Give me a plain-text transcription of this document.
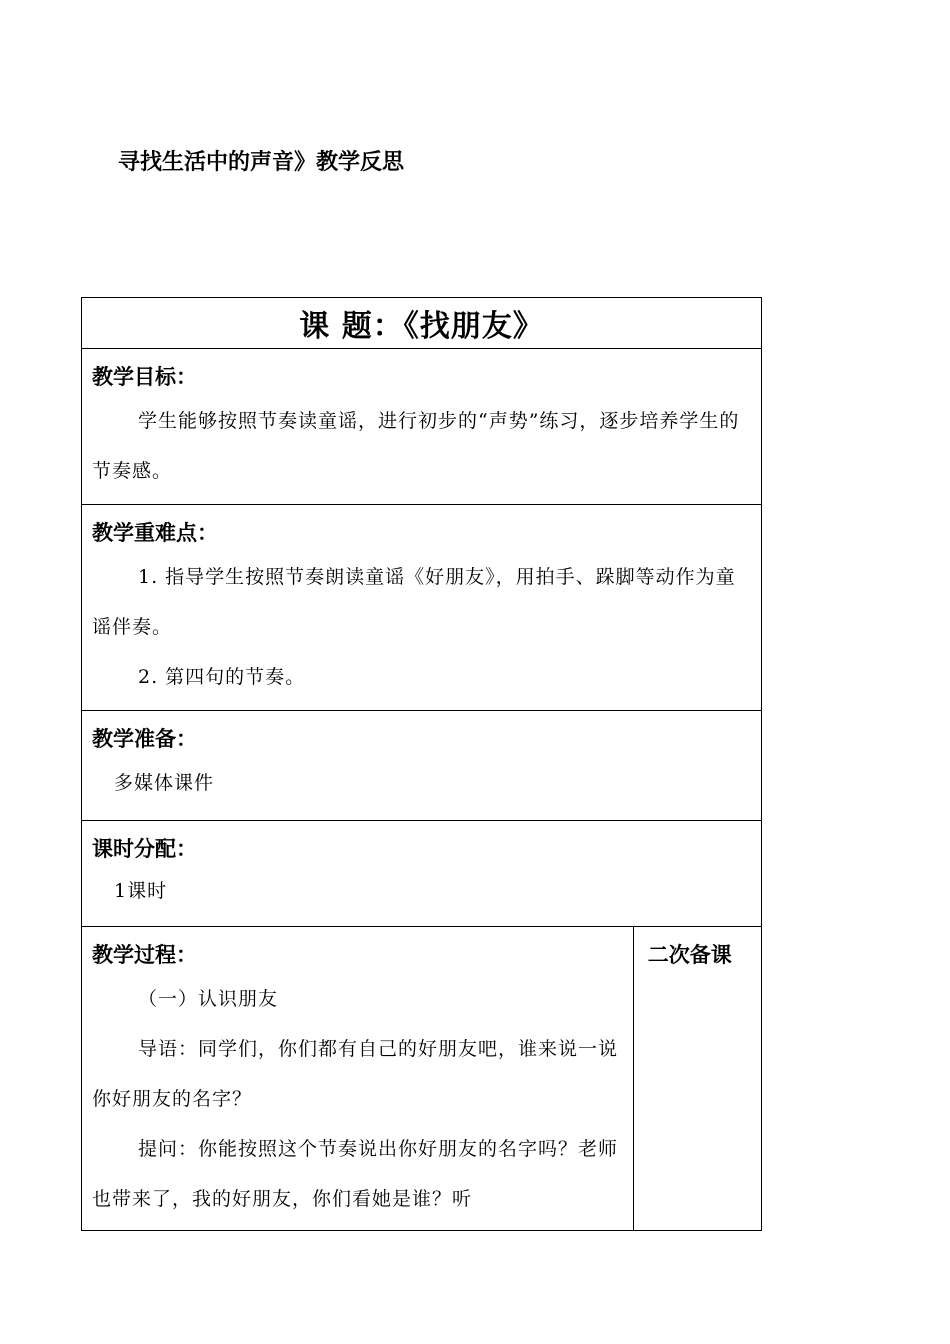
寻找生活中的声音》教学反思
课 题：《找朋友》

教学目标：
学生能够按照节奏读童谣，进行初步的“声势”练习，逐步培养学生的节奏感。

教学重难点：
1. 指导学生按照节奏朗读童谣《好朋友》，用拍手、跺脚等动作为童谣伴奏。
2. 第四句的节奏。

教学准备：
多媒体课件

课时分配：
1课时

教学过程：
（一）认识朋友
导语：同学们，你们都有自己的好朋友吧，谁来说一说你好朋友的名字？
提问：你能按照这个节奏说出你好朋友的名字吗？老师也带来了，我的好朋友，你们看她是谁？听

二次备课
